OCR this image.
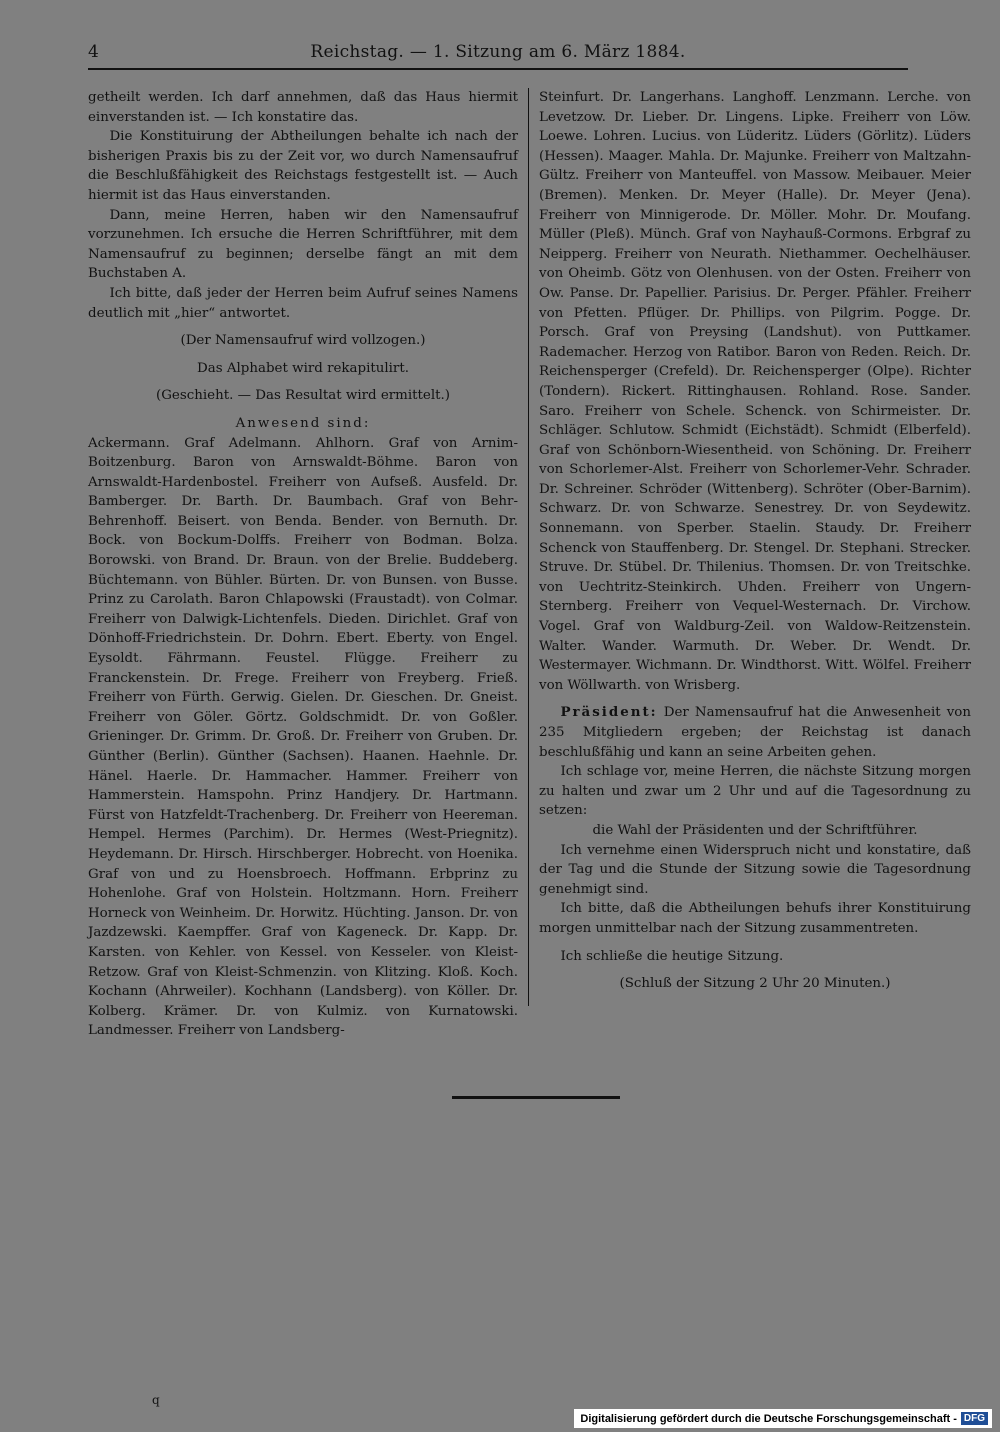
4	Reichstag. — 1. Sitzung am 6. März 1884.

getheilt werden. Ich darf annehmen, daß das Haus hiermit einverstanden ist. — Ich konstatire das.

Die Konstituirung der Abtheilungen behalte ich nach der bisherigen Praxis bis zu der Zeit vor, wo durch Namensaufruf die Beschlußfähigkeit des Reichstags festgestellt ist. — Auch hiermit ist das Haus einverstanden.

Dann, meine Herren, haben wir den Namensaufruf vorzunehmen. Ich ersuche die Herren Schriftführer, mit dem Namensaufruf zu beginnen; derselbe fängt an mit dem Buchstaben A.

Ich bitte, daß jeder der Herren beim Aufruf seines Namens deutlich mit „hier“ antwortet.

(Der Namensaufruf wird vollzogen.)

Das Alphabet wird rekapitulirt.

(Geschieht. — Das Resultat wird ermittelt.)

Anwesend sind:

Ackermann. Graf Adelmann. Ahlhorn. Graf von Arnim-Boitzenburg. Baron von Arnswaldt-Böhme. Baron von Arnswaldt-Hardenbostel. Freiherr von Aufseß. Ausfeld. Dr. Bamberger. Dr. Barth. Dr. Baumbach. Graf von Behr-Behrenhoff. Beisert. von Benda. Bender. von Bernuth. Dr. Bock. von Bockum-Dolffs. Freiherr von Bodman. Bolza. Borowski. von Brand. Dr. Braun. von der Brelie. Buddeberg. Büchtemann. von Bühler. Bürten. Dr. von Bunsen. von Busse. Prinz zu Carolath. Baron Chlapowski (Fraustadt). von Colmar. Freiherr von Dalwigk-Lichtenfels. Dieden. Dirichlet. Graf von Dönhoff-Friedrichstein. Dr. Dohrn. Ebert. Eberty. von Engel. Eysoldt. Fährmann. Feustel. Flügge. Freiherr zu Franckenstein. Dr. Frege. Freiherr von Freyberg. Frieß. Freiherr von Fürth. Gerwig. Gielen. Dr. Gieschen. Dr. Gneist. Freiherr von Göler. Görtz. Goldschmidt. Dr. von Goßler. Grieninger. Dr. Grimm. Dr. Groß. Dr. Freiherr von Gruben. Dr. Günther (Berlin). Günther (Sachsen). Haanen. Haehnle. Dr. Hänel. Haerle. Dr. Hammacher. Hammer. Freiherr von Hammerstein. Hamspohn. Prinz Handjery. Dr. Hartmann. Fürst von Hatzfeldt-Trachenberg. Dr. Freiherr von Heereman. Hempel. Hermes (Parchim). Dr. Hermes (West-Priegnitz). Heydemann. Dr. Hirsch. Hirschberger. Hobrecht. von Hoenika. Graf von und zu Hoensbroech. Hoffmann. Erbprinz zu Hohenlohe. Graf von Holstein. Holtzmann. Horn. Freiherr Horneck von Weinheim. Dr. Horwitz. Hüchting. Janson. Dr. von Jazdzewski. Kaempffer. Graf von Kageneck. Dr. Kapp. Dr. Karsten. von Kehler. von Kessel. von Kesseler. von Kleist-Retzow. Graf von Kleist-Schmenzin. von Klitzing. Kloß. Koch. Kochann (Ahrweiler). Kochhann (Landsberg). von Köller. Dr. Kolberg. Krämer. Dr. von Kulmiz. von Kurnatowski. Landmesser. Freiherr von Landsberg-

Steinfurt. Dr. Langerhans. Langhoff. Lenzmann. Lerche. von Levetzow. Dr. Lieber. Dr. Lingens. Lipke. Freiherr von Löw. Loewe. Lohren. Lucius. von Lüderitz. Lüders (Görlitz). Lüders (Hessen). Maager. Mahla. Dr. Majunke. Freiherr von Maltzahn-Gültz. Freiherr von Manteuffel. von Massow. Meibauer. Meier (Bremen). Menken. Dr. Meyer (Halle). Dr. Meyer (Jena). Freiherr von Minnigerode. Dr. Möller. Mohr. Dr. Moufang. Müller (Pleß). Münch. Graf von Nayhauß-Cormons. Erbgraf zu Neipperg. Freiherr von Neurath. Niethammer. Oechelhäuser. von Oheimb. Götz von Olenhusen. von der Osten. Freiherr von Ow. Panse. Dr. Papellier. Parisius. Dr. Perger. Pfähler. Freiherr von Pfetten. Pflüger. Dr. Phillips. von Pilgrim. Pogge. Dr. Porsch. Graf von Preysing (Landshut). von Puttkamer. Rademacher. Herzog von Ratibor. Baron von Reden. Reich. Dr. Reichensperger (Crefeld). Dr. Reichensperger (Olpe). Richter (Tondern). Rickert. Rittinghausen. Rohland. Rose. Sander. Saro. Freiherr von Schele. Schenck. von Schirmeister. Dr. Schläger. Schlutow. Schmidt (Eichstädt). Schmidt (Elberfeld). Graf von Schönborn-Wiesentheid. von Schöning. Dr. Freiherr von Schorlemer-Alst. Freiherr von Schorlemer-Vehr. Schrader. Dr. Schreiner. Schröder (Wittenberg). Schröter (Ober-Barnim). Schwarz. Dr. von Schwarze. Senestrey. Dr. von Seydewitz. Sonnemann. von Sperber. Staelin. Staudy. Dr. Freiherr Schenck von Stauffenberg. Dr. Stengel. Dr. Stephani. Strecker. Struve. Dr. Stübel. Dr. Thilenius. Thomsen. Dr. von Treitschke. von Uechtritz-Steinkirch. Uhden. Freiherr von Ungern-Sternberg. Freiherr von Vequel-Westernach. Dr. Virchow. Vogel. Graf von Waldburg-Zeil. von Waldow-Reitzenstein. Walter. Wander. Warmuth. Dr. Weber. Dr. Wendt. Dr. Westermayer. Wichmann. Dr. Windthorst. Witt. Wölfel. Freiherr von Wöllwarth. von Wrisberg.

Präsident: Der Namensaufruf hat die Anwesenheit von 235 Mitgliedern ergeben; der Reichstag ist danach beschlußfähig und kann an seine Arbeiten gehen.

Ich schlage vor, meine Herren, die nächste Sitzung morgen zu halten und zwar um 2 Uhr und auf die Tagesordnung zu setzen:

die Wahl der Präsidenten und der Schriftführer.

Ich vernehme einen Widerspruch nicht und konstatire, daß der Tag und die Stunde der Sitzung sowie die Tagesordnung genehmigt sind.

Ich bitte, daß die Abtheilungen behufs ihrer Konstituirung morgen unmittelbar nach der Sitzung zusammentreten.

Ich schließe die heutige Sitzung.

(Schluß der Sitzung 2 Uhr 20 Minuten.)

q
Digitalisierung gefördert durch die Deutsche Forschungsgemeinschaft - DFG
